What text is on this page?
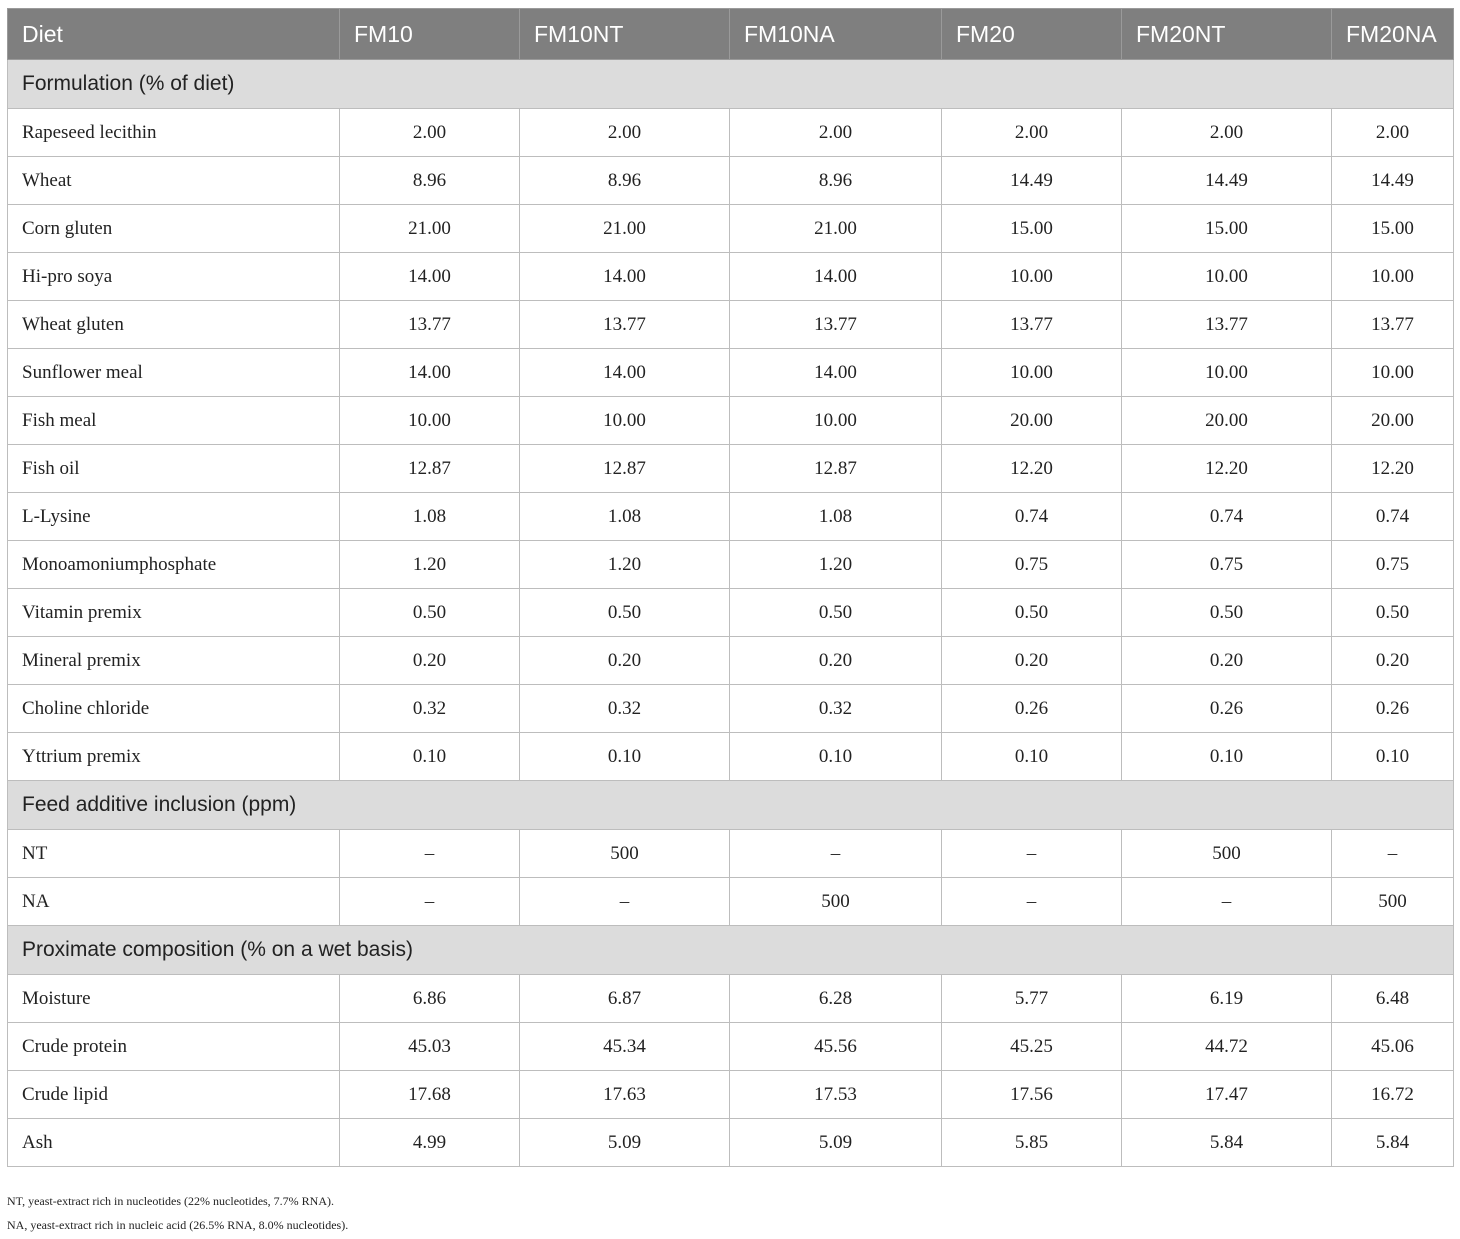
Diet	FM10	FM10NT	FM10NA	FM20	FM20NT	FM20NA
Formulation (% of diet)						
Rapeseed lecithin	2.00	2.00	2.00	2.00	2.00	2.00
Wheat	8.96	8.96	8.96	14.49	14.49	14.49
Corn gluten	21.00	21.00	21.00	15.00	15.00	15.00
Hi-pro soya	14.00	14.00	14.00	10.00	10.00	10.00
Wheat gluten	13.77	13.77	13.77	13.77	13.77	13.77
Sunflower meal	14.00	14.00	14.00	10.00	10.00	10.00
Fish meal	10.00	10.00	10.00	20.00	20.00	20.00
Fish oil	12.87	12.87	12.87	12.20	12.20	12.20
L-Lysine	1.08	1.08	1.08	0.74	0.74	0.74
Monoamoniumphosphate	1.20	1.20	1.20	0.75	0.75	0.75
Vitamin premix	0.50	0.50	0.50	0.50	0.50	0.50
Mineral premix	0.20	0.20	0.20	0.20	0.20	0.20
Choline chloride	0.32	0.32	0.32	0.26	0.26	0.26
Yttrium premix	0.10	0.10	0.10	0.10	0.10	0.10
Feed additive inclusion (ppm)						
NT	–	500	–	–	500	–
NA	–	–	500	–	–	500
Proximate composition (% on a wet basis)						
Moisture	6.86	6.87	6.28	5.77	6.19	6.48
Crude protein	45.03	45.34	45.56	45.25	44.72	45.06
Crude lipid	17.68	17.63	17.53	17.56	17.47	16.72
Ash	4.99	5.09	5.09	5.85	5.84	5.84
NT, yeast-extract rich in nucleotides (22% nucleotides, 7.7% RNA).
NA, yeast-extract rich in nucleic acid (26.5% RNA, 8.0% nucleotides).
